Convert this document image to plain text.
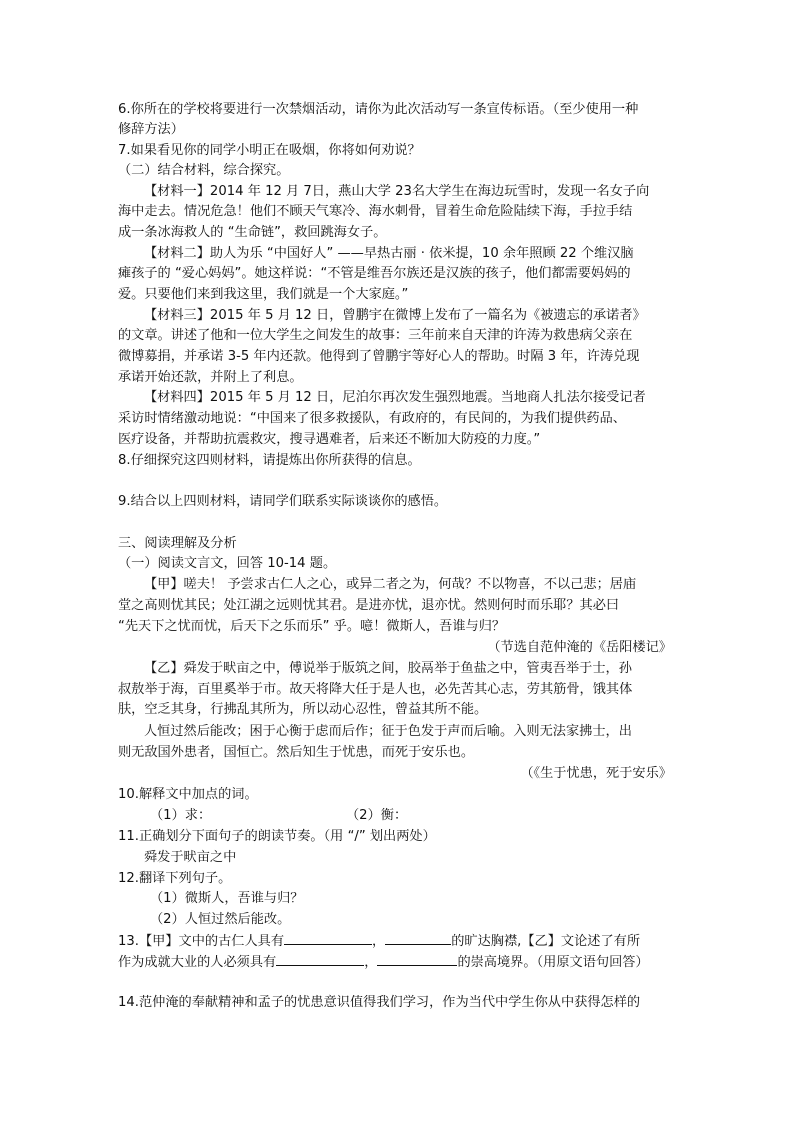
6.你所在的学校将要进行一次禁烟活动，请你为此次活动写一条宣传标语。（至少使用一种
修辞方法）
7.如果看见你的同学小明正在吸烟，你将如何劝说？
（二）结合材料，综合探究。
【材料一】2014 年 12 月 7日，燕山大学 23名大学生在海边玩雪时，发现一名女子向
海中走去。情况危急！他们不顾天气寒冷、海水刺骨，冒着生命危险陆续下海，手拉手结
成一条冰海救人的 “生命链”，救回跳海女子。
【材料二】助人为乐 “中国好人” ——早热古丽 · 依米提，10 余年照顾 22 个维汉脑
瘫孩子的 “爱心妈妈”。她这样说：“不管是维吾尔族还是汉族的孩子，他们都需要妈妈的
爱。只要他们来到我这里，我们就是一个大家庭。”
【材料三】2015 年 5 月 12 日，曾鹏宇在微博上发布了一篇名为《被遗忘的承诺者》
的文章。讲述了他和一位大学生之间发生的故事：三年前来自天津的许涛为救患病父亲在
微博募捐，并承诺 3-5 年内还款。他得到了曾鹏宇等好心人的帮助。时隔 3 年，许涛兑现
承诺开始还款，并附上了利息。
【材料四】2015 年 5 月 12 日，尼泊尔再次发生强烈地震。当地商人扎法尔接受记者
采访时情绪激动地说：“中国来了很多救援队，有政府的，有民间的，为我们提供药品、
医疗设备，并帮助抗震救灾，搜寻遇难者，后来还不断加大防疫的力度。”
8.仔细探究这四则材料，请提炼出你所获得的信息。
9.结合以上四则材料，请同学们联系实际谈谈你的感悟。
三、阅读理解及分析
（一）阅读文言文，回答 10-14 题。
【甲】嗟夫！ 予尝求古仁人之心，或异二者之为，何哉？不以物喜，不以己悲；居庙
堂之高则忧其民；处江湖之远则忧其君。是进亦忧，退亦忧。然则何时而乐耶？其必曰
“先天下之忧而忧，后天下之乐而乐” 乎。噫！微斯人，吾谁与归？
（节选自范仲淹的《岳阳楼记》
【乙】舜发于畎亩之中，傅说举于版筑之间，胶鬲举于鱼盐之中，管夷吾举于士，孙
叔敖举于海，百里奚举于市。故天将降大任于是人也，必先苦其心志，劳其筋骨，饿其体
肤，空乏其身，行拂乱其所为，所以动心忍性，曾益其所不能。
人恒过然后能改；困于心衡于虑而后作；征于色发于声而后喻。入则无法家拂士，出
则无敌国外患者，国恒亡。然后知生于忧患，而死于安乐也。
（《生于忧患，死于安乐》
10.解释文中加点的词。
（1）求：	（2）衡：
11.正确划分下面句子的朗读节奏。（用 “/” 划出两处）
舜发于畎亩之中
12.翻译下列句子。
（1）微斯人，吾谁与归？
（2）人恒过然后能改。
13.【甲】文中的古仁人具有	，	的旷达胸襟,【乙】文论述了有所
作为成就大业的人必须具有	，	的崇高境界。（用原文语句回答）
14.范仲淹的奉献精神和孟子的忧患意识值得我们学习，作为当代中学生你从中获得怎样的
